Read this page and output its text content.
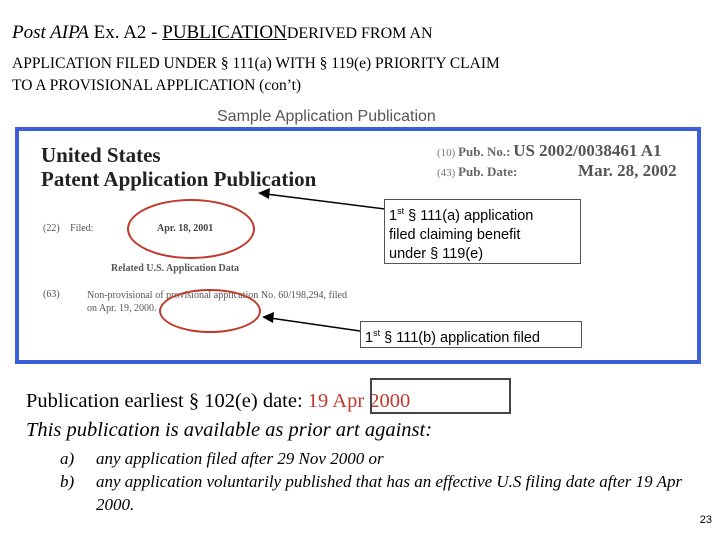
Post AIPA Ex. A2 - PUBLICATIONDERIVED FROM AN
APPLICATION FILED UNDER § 111(a) WITH § 119(e) PRIORITY CLAIM
TO A PROVISIONAL APPLICATION (con’t)
Sample Application Publication
United States
Patent Application Publication
(10) Pub. No.: US 2002/0038461 A1
(43) Pub. Date:	Mar. 28, 2002
(22) Filed:	Apr. 18, 2001
Related U.S. Application Data
(63)	Non-provisional of provisional application No. 60/198,294, filed on Apr. 19, 2000.
1st § 111(a) application
filed claiming benefit
under § 119(e)
1st § 111(b) application filed
Publication earliest § 102(e) date: 19 Apr 2000
This publication is available as prior art against:
a) any application filed after 29 Nov 2000 or
b) any application voluntarily published that has an effective U.S filing date after 19 Apr 2000.
23
